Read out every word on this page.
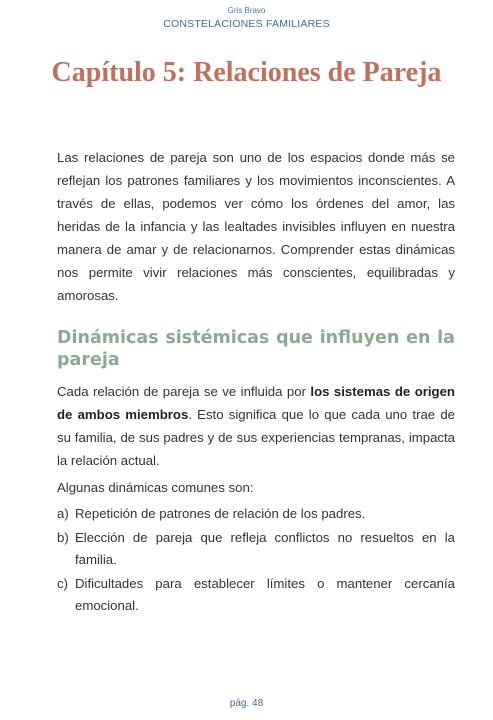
Gris Bravo
CONSTELACIONES FAMILIARES
Capítulo 5: Relaciones de Pareja

Las relaciones de pareja son uno de los espacios donde más se reflejan los patrones familiares y los movimientos inconscientes. A través de ellas, podemos ver cómo los órdenes del amor, las heridas de la infancia y las lealtades invisibles influyen en nuestra manera de amar y de relacionarnos. Comprender estas dinámicas nos permite vivir relaciones más conscientes, equilibradas y amorosas.

Dinámicas sistémicas que influyen en la pareja

Cada relación de pareja se ve influida por los sistemas de origen de ambos miembros. Esto significa que lo que cada uno trae de su familia, de sus padres y de sus experiencias tempranas, impacta la relación actual.

Algunas dinámicas comunes son:

a) Repetición de patrones de relación de los padres.
b) Elección de pareja que refleja conflictos no resueltos en la familia.
c) Dificultades para establecer límites o mantener cercanía emocional.
pág. 48
